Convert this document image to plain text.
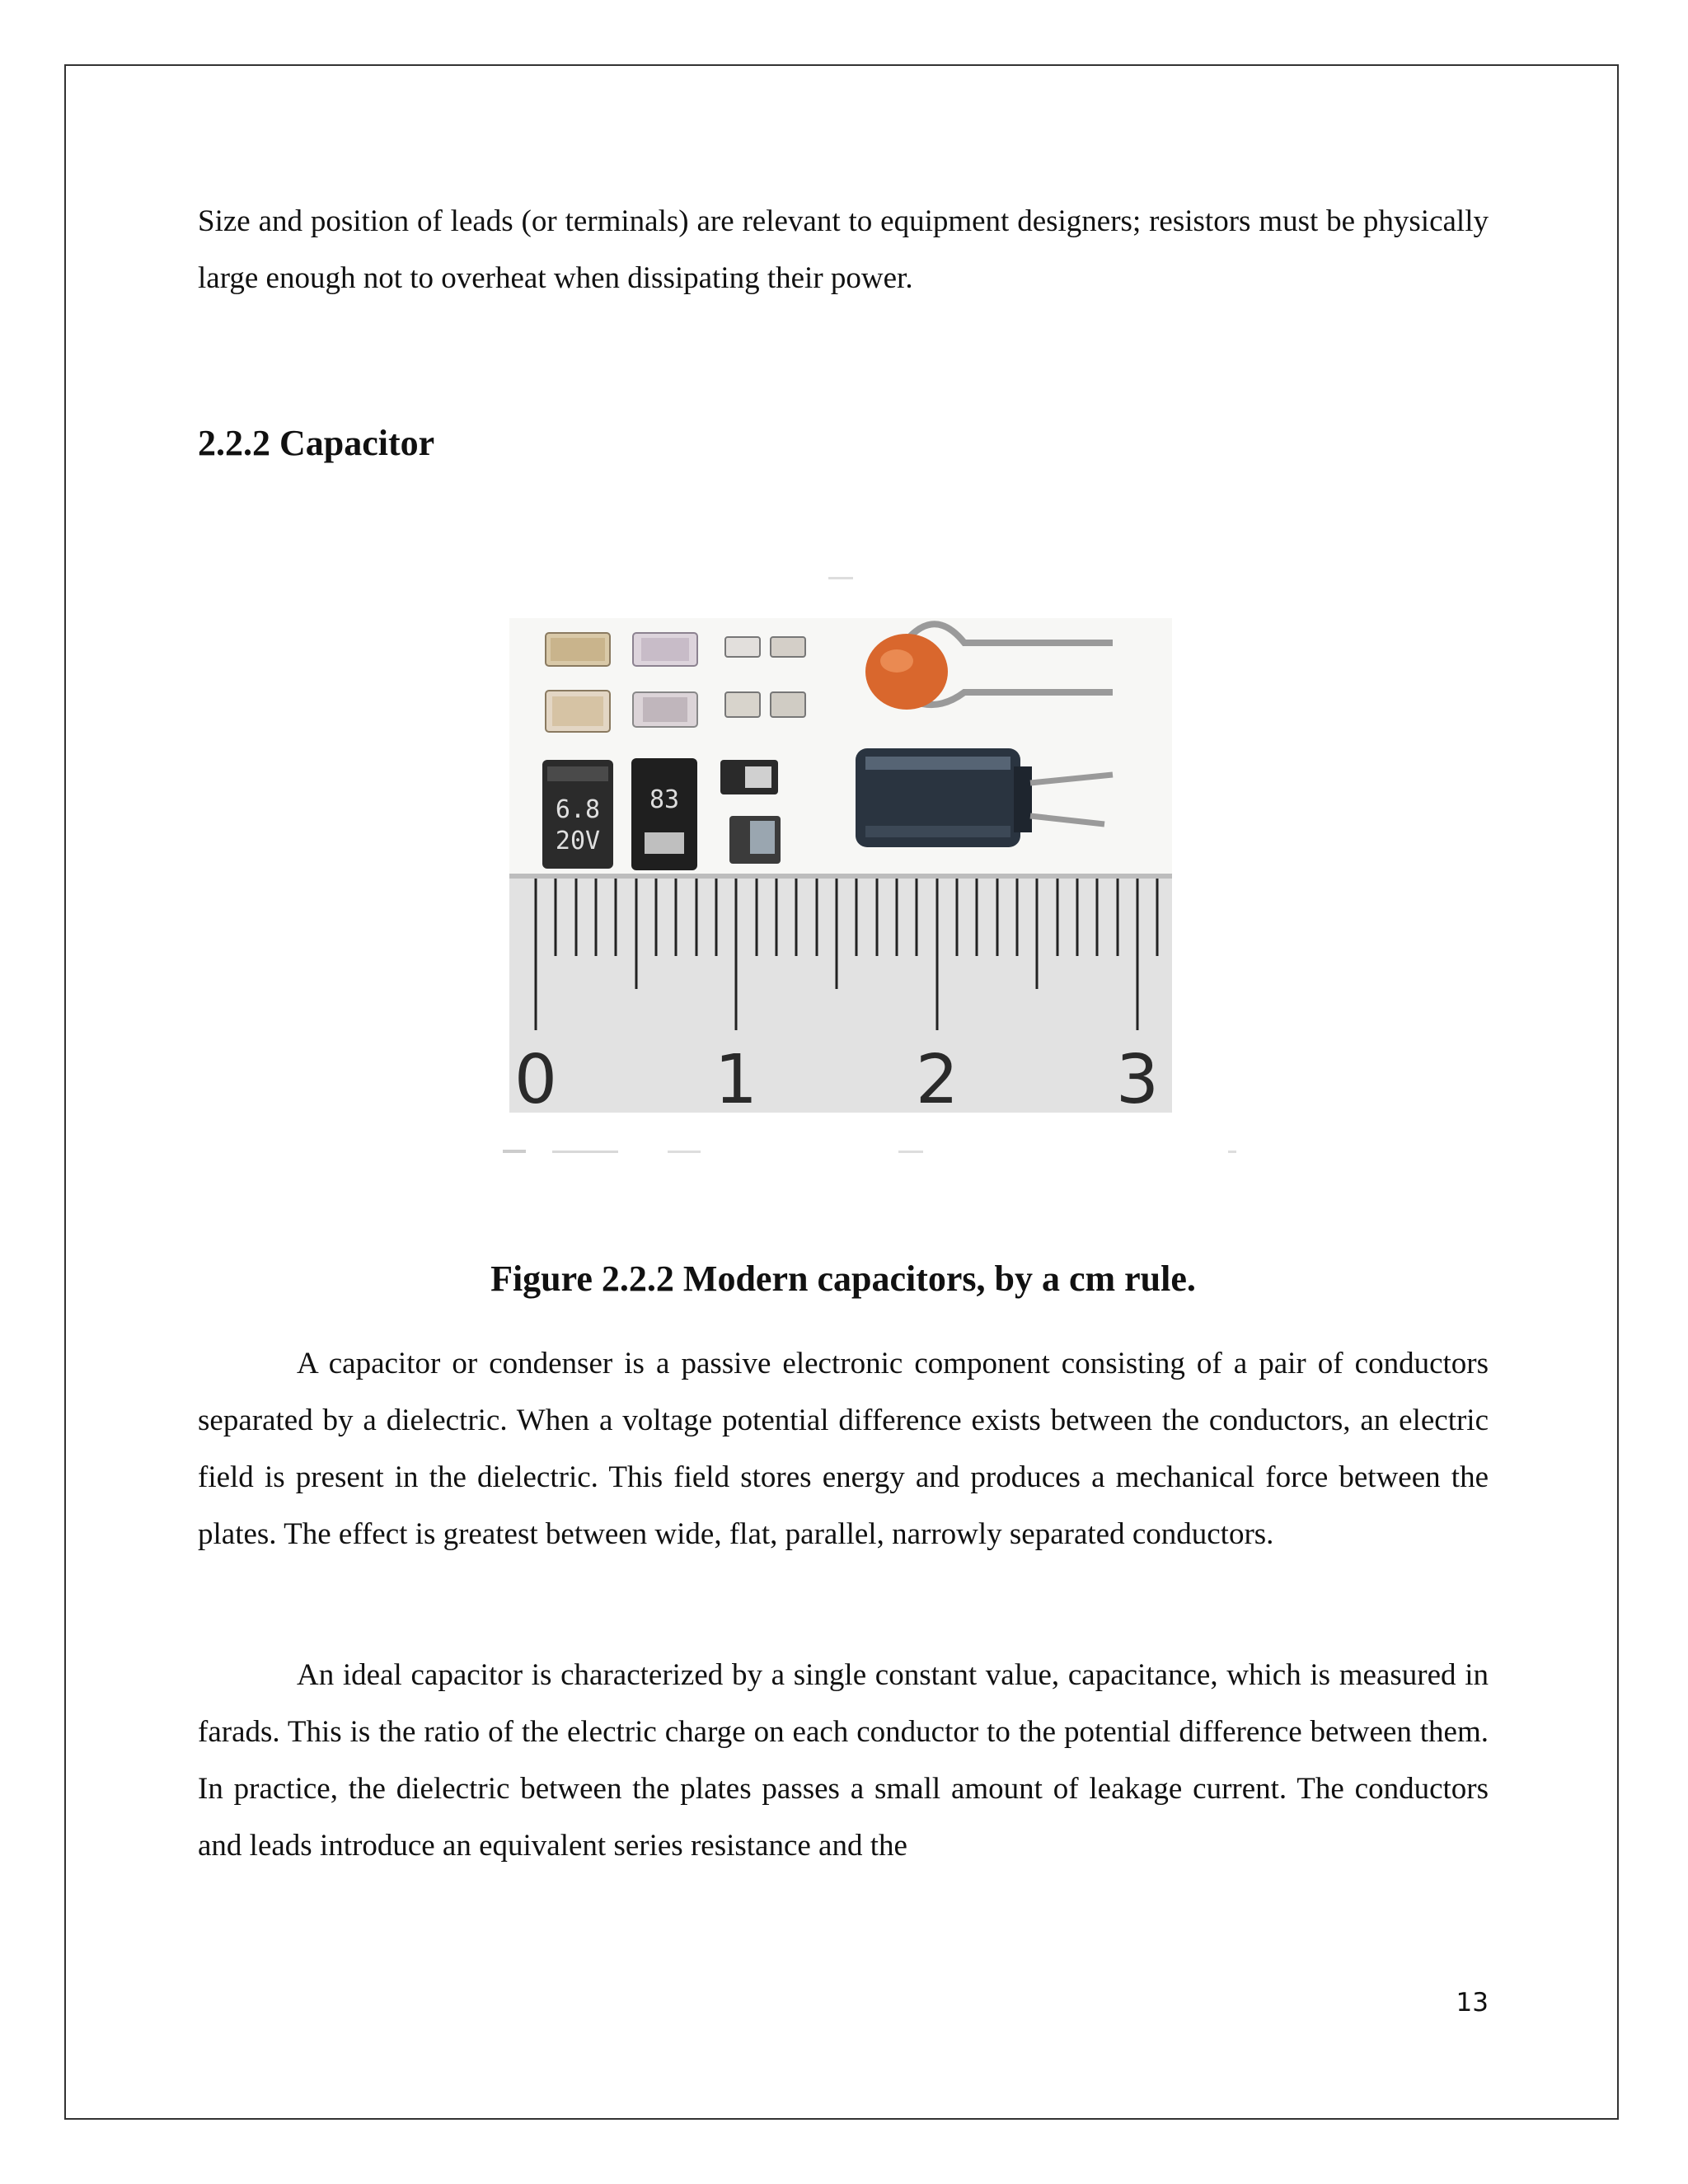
Size and position of leads (or terminals) are relevant to equipment designers; resistors must be physically large enough not to overheat when dissipating their power.

2.2.2 Capacitor
6.8
20V
83
0 1 2 3

Figure 2.2.2 Modern capacitors, by a cm rule.

A capacitor or condenser is a passive electronic component consisting of a pair of conductors separated by a dielectric. When a voltage potential difference exists between the conductors, an electric field is present in the dielectric. This field stores energy and produces a mechanical force between the plates. The effect is greatest between wide, flat, parallel, narrowly separated conductors.

An ideal capacitor is characterized by a single constant value, capacitance, which is measured in farads. This is the ratio of the electric charge on each conductor to the potential difference between them. In practice, the dielectric between the plates passes a small amount of leakage current. The conductors and leads introduce an equivalent series resistance and the

13
